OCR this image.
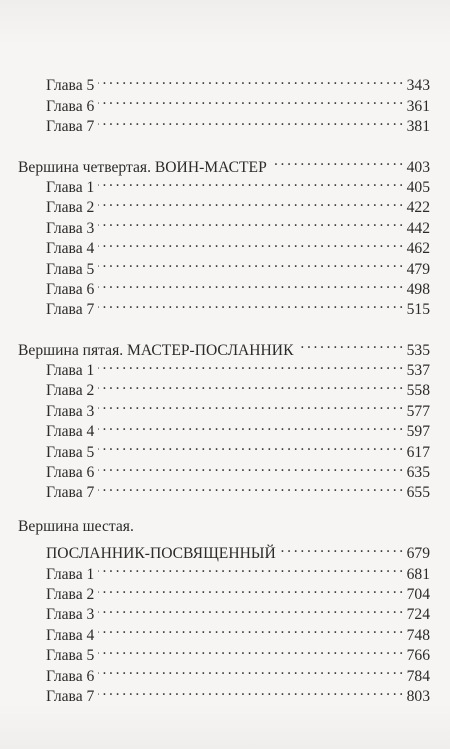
Глава 5 . . .	343
Глава 6 . . .	361
Глава 7 . . .	381
Вершина четвертая. ВОИН-МАСТЕР . . .	403
Глава 1 . . .	405
Глава 2 . . .	422
Глава 3 . . .	442
Глава 4 . . .	462
Глава 5 . . .	479
Глава 6 . . .	498
Глава 7 . . .	515
Вершина пятая. МАСТЕР-ПОСЛАННИК . . .	535
Глава 1 . . .	537
Глава 2 . . .	558
Глава 3 . . .	577
Глава 4 . . .	597
Глава 5 . . .	617
Глава 6 . . .	635
Глава 7 . . .	655
Вершина шестая.
ПОСЛАННИК-ПОСВЯЩЕННЫЙ . . .	679
Глава 1 . . .	681
Глава 2 . . .	704
Глава 3 . . .	724
Глава 4 . . .	748
Глава 5 . . .	766
Глава 6 . . .	784
Глава 7 . . .	803
